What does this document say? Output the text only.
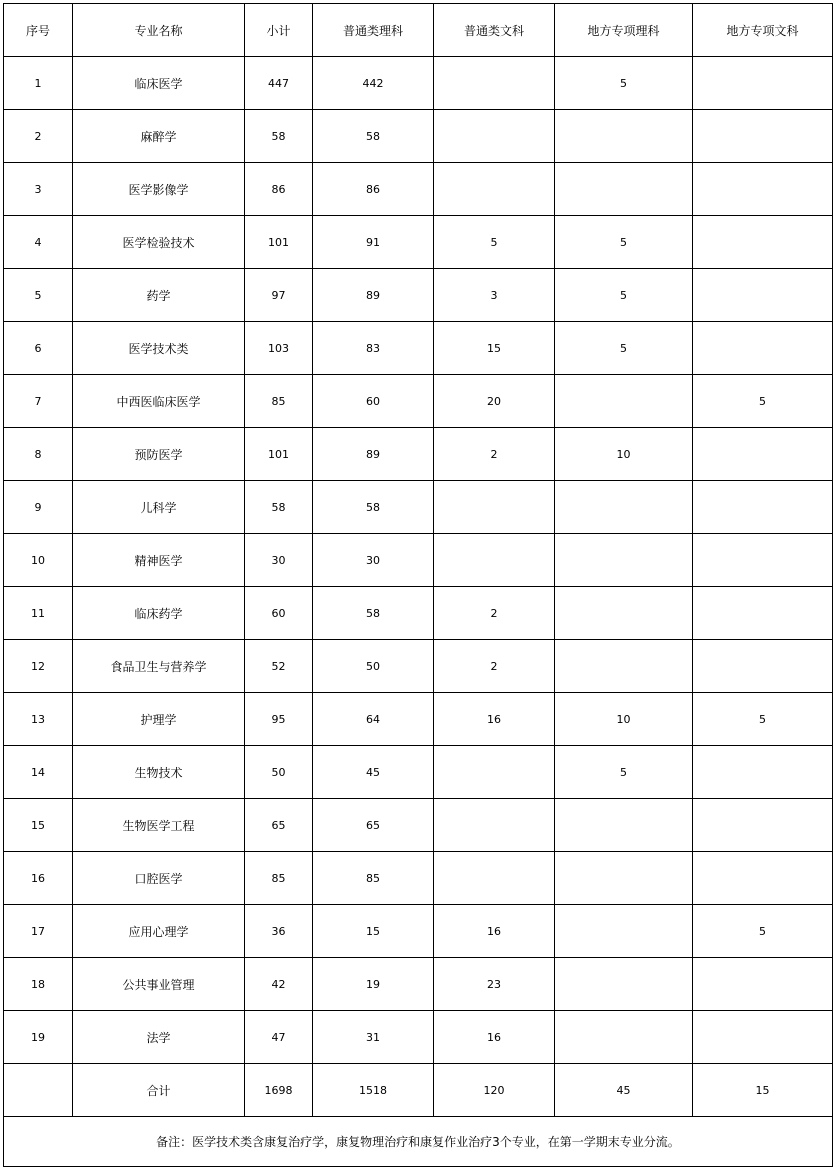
序号	专业名称	小计	普通类理科	普通类文科	地方专项理科	地方专项文科
1	临床医学	447	442		5	
2	麻醉学	58	58			
3	医学影像学	86	86			
4	医学检验技术	101	91	5	5	
5	药学	97	89	3	5	
6	医学技术类	103	83	15	5	
7	中西医临床医学	85	60	20		5
8	预防医学	101	89	2	10	
9	儿科学	58	58			
10	精神医学	30	30			
11	临床药学	60	58	2		
12	食品卫生与营养学	52	50	2		
13	护理学	95	64	16	10	5
14	生物技术	50	45		5	
15	生物医学工程	65	65			
16	口腔医学	85	85			
17	应用心理学	36	15	16		5
18	公共事业管理	42	19	23		
19	法学	47	31	16		
	合计	1698	1518	120	45	15
备注：医学技术类含康复治疗学，康复物理治疗和康复作业治疗3个专业，在第一学期末专业分流。						
